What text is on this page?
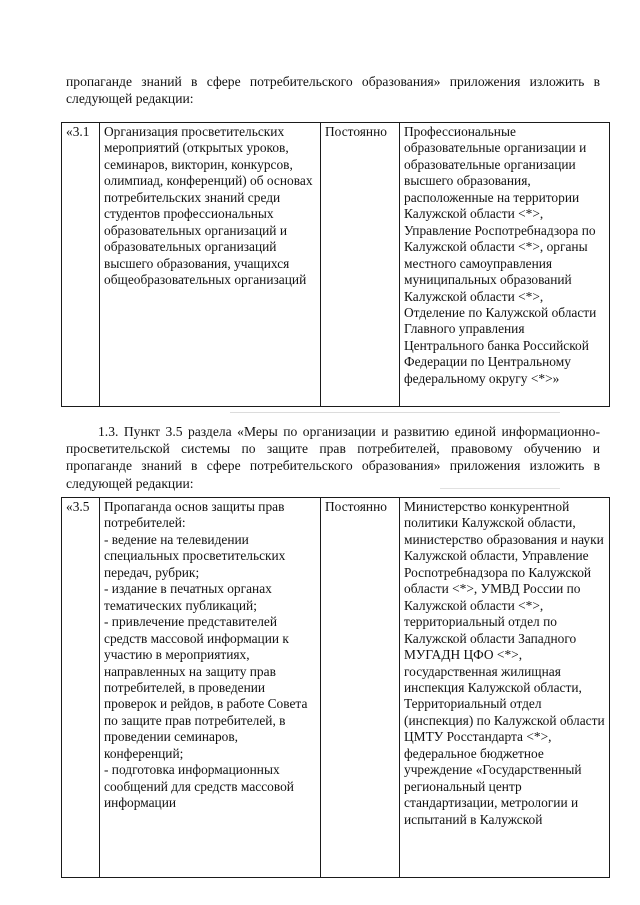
пропаганде знаний в сфере потребительского образования» приложения изложить в следующей редакции:

«3.1	Организация просветительских мероприятий (открытых уроков, семинаров, викторин, конкурсов, олимпиад, конференций) об основах потребительских знаний среди студентов профессиональных образовательных организаций и образовательных организаций высшего образования, учащихся общеобразовательных организаций	Постоянно	Профессиональные образовательные организации и образовательные организации высшего образования, расположенные на территории Калужской области <*>, Управление Роспотребнадзора по Калужской области <*>, органы местного самоуправления муниципальных образований Калужской области <*>, Отделение по Калужской области Главного управления Центрального банка Российской Федерации по Центральному федеральному округу <*>»

1.3. Пункт 3.5 раздела «Меры по организации и развитию единой информационно-просветительской системы по защите прав потребителей, правовому обучению и пропаганде знаний в сфере потребительского образования» приложения изложить в следующей редакции:

«3.5	Пропаганда основ защиты прав потребителей:
- ведение на телевидении специальных просветительских передач, рубрик;
- издание в печатных органах тематических публикаций;
- привлечение представителей средств массовой информации к участию в мероприятиях, направленных на защиту прав потребителей, в проведении проверок и рейдов, в работе Совета по защите прав потребителей, в проведении семинаров, конференций;
- подготовка информационных сообщений для средств массовой информации
	Постоянно	Министерство конкурентной политики Калужской области, министерство образования и науки Калужской области, Управление Роспотребнадзора по Калужской области <*>, УМВД России по Калужской области <*>, территориальный отдел по Калужской области Западного МУГАДН ЦФО <*>, государственная жилищная инспекция Калужской области, Территориальный отдел (инспекция) по Калужской области ЦМТУ Росстандарта <*>, федеральное бюджетное учреждение «Государственный региональный центр стандартизации, метрологии и испытаний в Калужской
